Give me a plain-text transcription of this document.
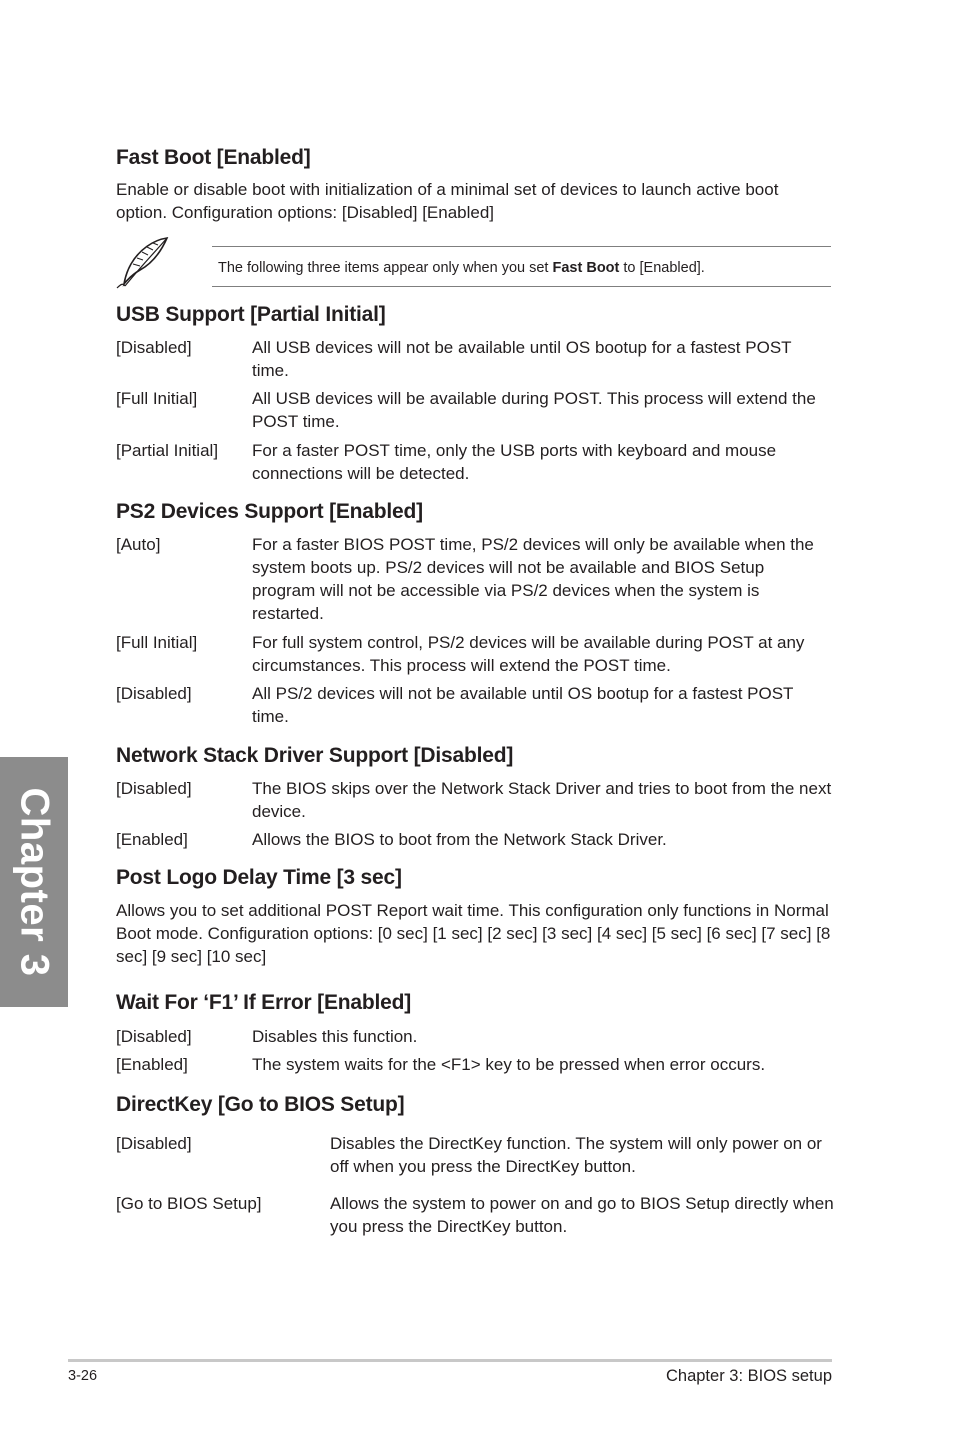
Fast Boot [Enabled]

Enable or disable boot with initialization of a minimal set of devices to launch active boot option. Configuration options: [Disabled] [Enabled]

The following three items appear only when you set Fast Boot to [Enabled].
USB Support [Partial Initial]
[Disabled]	All USB devices will not be available until OS bootup for a fastest POST time.
[Full Initial]	All USB devices will be available during POST. This process will extend the POST time.
[Partial Initial] For a faster POST time, only the USB ports with keyboard and mouse connections will be detected.
PS2 Devices Support [Enabled]
[Auto]	For a faster BIOS POST time, PS/2 devices will only be available when the system boots up. PS/2 devices will not be available and BIOS Setup program will not be accessible via PS/2 devices when the system is restarted.
[Full Initial]	For full system control, PS/2 devices will be available during POST at any circumstances. This process will extend the POST time.
[Disabled]	All PS/2 devices will not be available until OS bootup for a fastest POST time.
Network Stack Driver Support [Disabled]
[Disabled]	The BIOS skips over the Network Stack Driver and tries to boot from the next device.
[Enabled]	Allows the BIOS to boot from the Network Stack Driver.
Post Logo Delay Time [3 sec]

Allows you to set additional POST Report wait time. This configuration only functions in Normal Boot mode. Configuration options: [0 sec] [1 sec] [2 sec] [3 sec] [4 sec] [5 sec] [6 sec] [7 sec] [8 sec] [9 sec] [10 sec]

Wait For ‘F1’ If Error [Enabled]
[Disabled]	Disables this function.
[Enabled]	The system waits for the <F1> key to be pressed when error occurs.
DirectKey [Go to BIOS Setup]
[Disabled]	Disables the DirectKey function. The system will only power on or off when you press the DirectKey button.
[Go to BIOS Setup]	Allows the system to power on and go to BIOS Setup directly when you press the DirectKey button.
Chapter 3
3-26	Chapter 3: BIOS setup
